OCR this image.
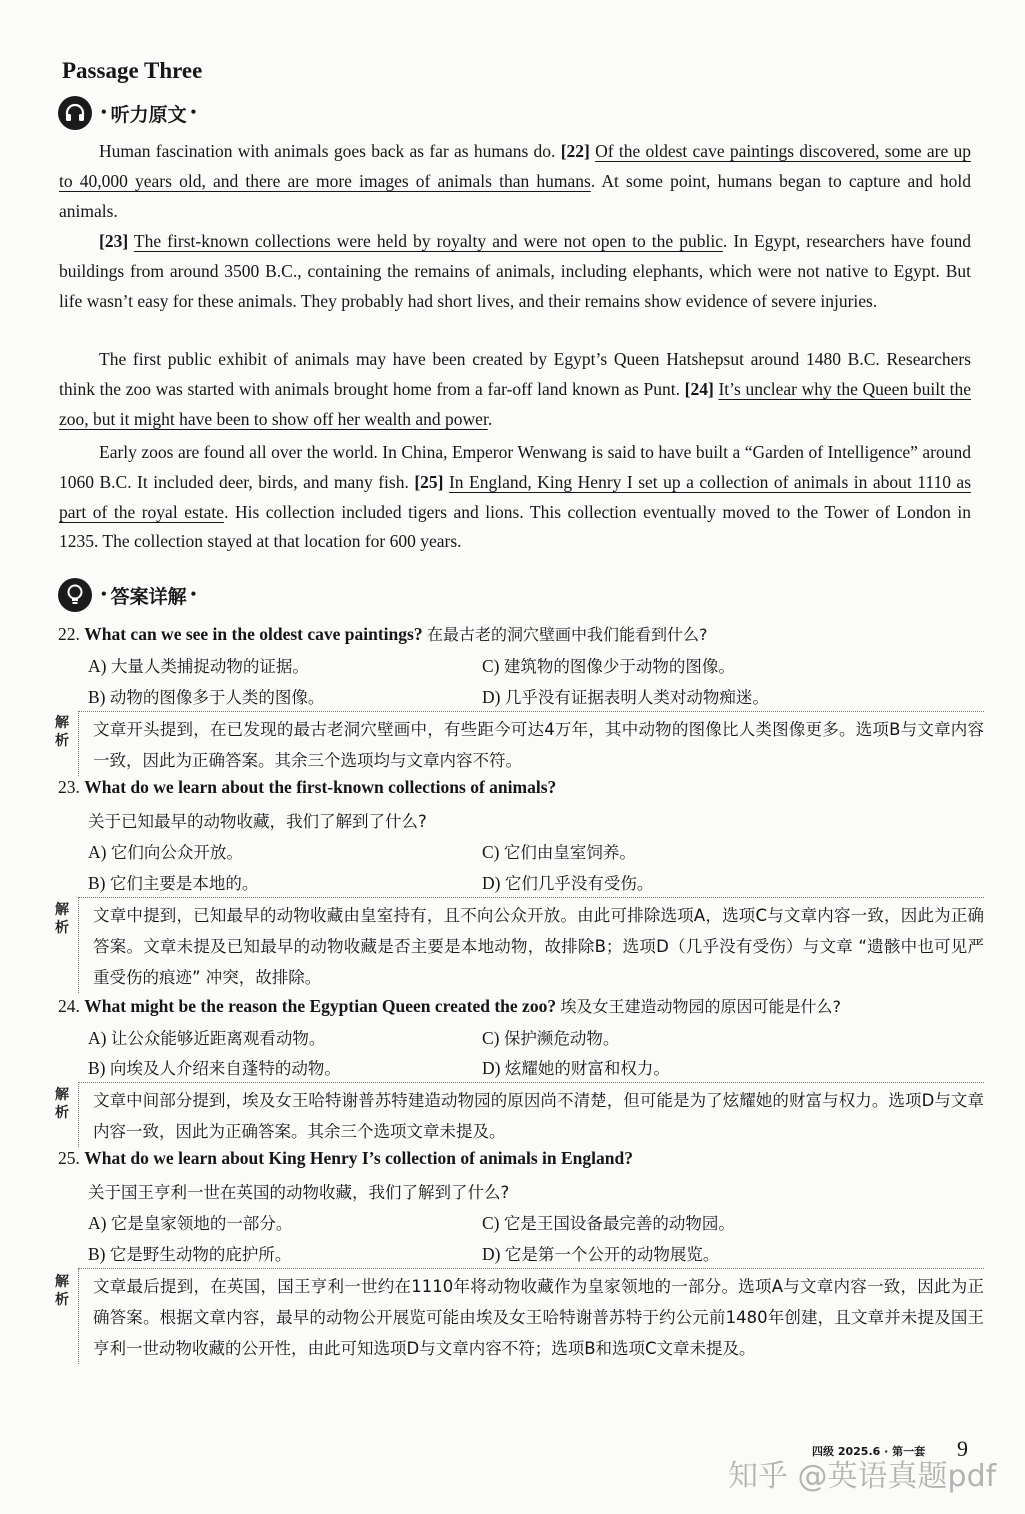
Passage Three
• 听力原文 •
Human fascination with animals goes back as far as humans do. [22] Of the oldest cave paintings discovered, some are up to 40,000 years old, and there are more images of animals than humans. At some point, humans began to capture and hold animals.
[23] The first-known collections were held by royalty and were not open to the public. In Egypt, researchers have found buildings from around 3500 B.C., containing the remains of animals, including elephants, which were not native to Egypt. But life wasn’t easy for these animals. They probably had short lives, and their remains show evidence of severe injuries.
The first public exhibit of animals may have been created by Egypt’s Queen Hatshepsut around 1480 B.C. Researchers think the zoo was started with animals brought home from a far-off land known as Punt. [24] It’s unclear why the Queen built the zoo, but it might have been to show off her wealth and power.
Early zoos are found all over the world. In China, Emperor Wenwang is said to have built a “Garden of Intelligence” around 1060 B.C. It included deer, birds, and many fish. [25] In England, King Henry I set up a collection of animals in about 1110 as part of the royal estate. His collection included tigers and lions. This collection eventually moved to the Tower of London in 1235. The collection stayed at that location for 600 years.
• 答案详解 •
22. What can we see in the oldest cave paintings? 在最古老的洞穴壁画中我们能看到什么?
A) 大量人类捕捉动物的证据。	C) 建筑物的图像少于动物的图像。
B) 动物的图像多于人类的图像。	D) 几乎没有证据表明人类对动物痴迷。
解析
文章开头提到，在已发现的最古老洞穴壁画中，有些距今可达4万年，其中动物的图像比人类图像更多。选项B与文章内容一致，因此为正确答案。其余三个选项均与文章内容不符。
23. What do we learn about the first-known collections of animals?
关于已知最早的动物收藏，我们了解到了什么?
A) 它们向公众开放。	C) 它们由皇室饲养。
B) 它们主要是本地的。	D) 它们几乎没有受伤。
解析
文章中提到，已知最早的动物收藏由皇室持有，且不向公众开放。由此可排除选项A，选项C与文章内容一致，因此为正确答案。文章未提及已知最早的动物收藏是否主要是本地动物，故排除B；选项D（几乎没有受伤）与文章 “遗骸中也可见严重受伤的痕迹” 冲突，故排除。
24. What might be the reason the Egyptian Queen created the zoo? 埃及女王建造动物园的原因可能是什么?
A) 让公众能够近距离观看动物。	C) 保护濒危动物。
B) 向埃及人介绍来自蓬特的动物。	D) 炫耀她的财富和权力。
解析
文章中间部分提到，埃及女王哈特谢普苏特建造动物园的原因尚不清楚，但可能是为了炫耀她的财富与权力。选项D与文章内容一致，因此为正确答案。其余三个选项文章未提及。
25. What do we learn about King Henry I’s collection of animals in England?
关于国王亨利一世在英国的动物收藏，我们了解到了什么?
A) 它是皇家领地的一部分。	C) 它是王国设备最完善的动物园。
B) 它是野生动物的庇护所。	D) 它是第一个公开的动物展览。
解析
文章最后提到，在英国，国王亨利一世约在1110年将动物收藏作为皇家领地的一部分。选项A与文章内容一致，因此为正确答案。根据文章内容，最早的动物公开展览可能由埃及女王哈特谢普苏特于约公元前1480年创建，且文章并未提及国王亨利一世动物收藏的公开性，由此可知选项D与文章内容不符；选项B和选项C文章未提及。
四级 2025.6 · 第一套 9
知乎 @英语真题pdf
